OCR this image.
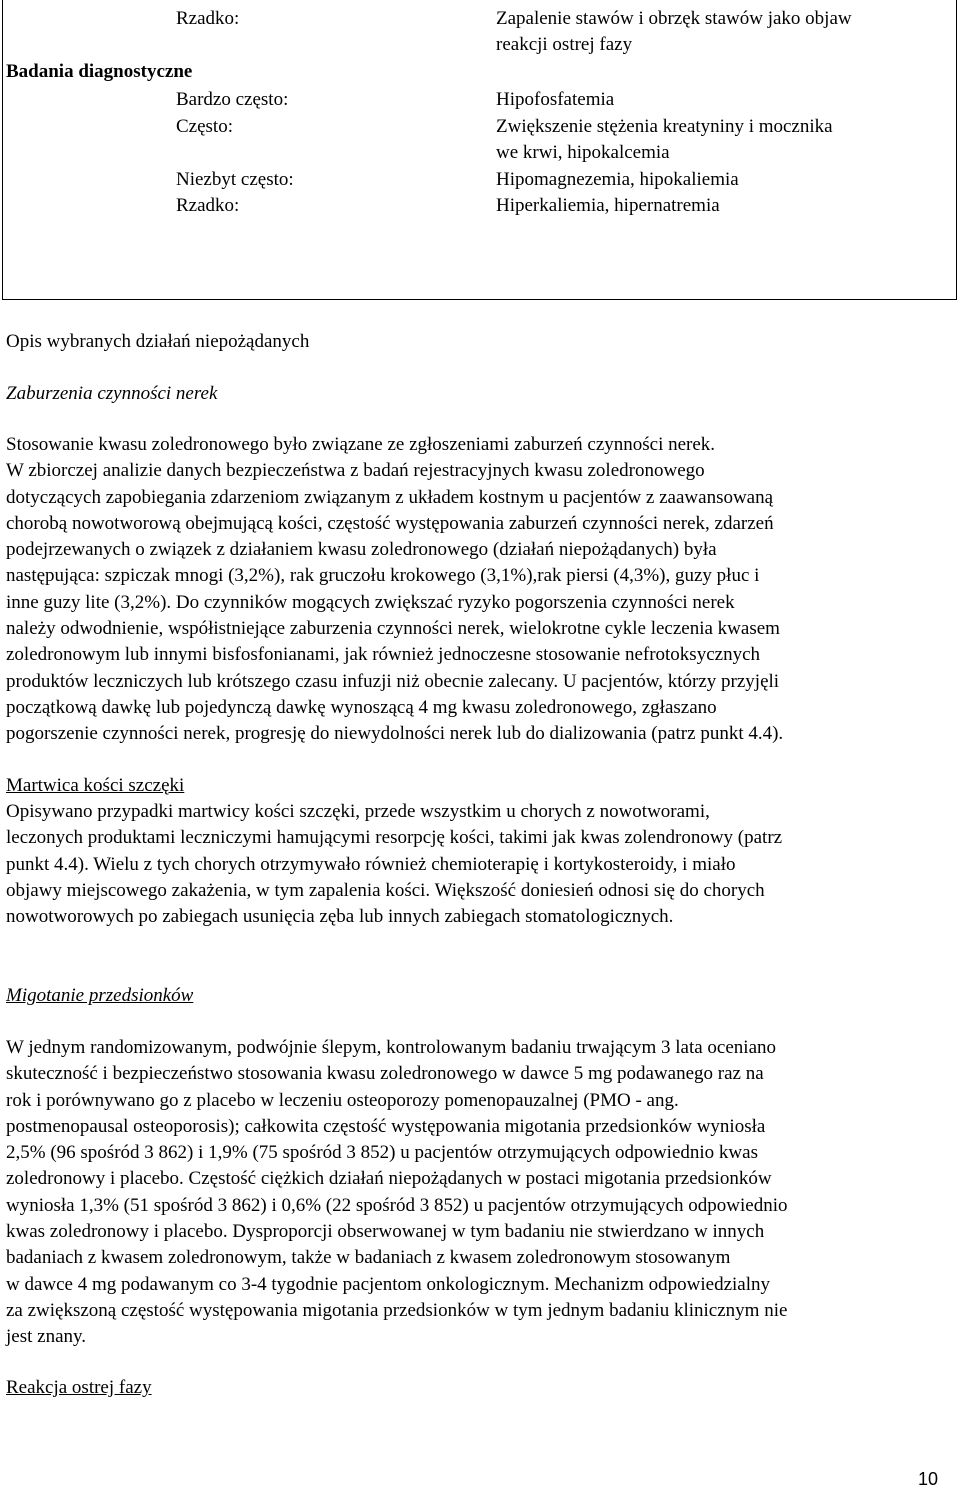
Rzadko:	Zapalenie stawów i obrzęk stawów jako objaw
reakcji ostrej fazy
Badania diagnostyczne
Bardzo często:
Często:
Niezbyt często:
Rzadko:
Hipofosfatemia
Zwiększenie stężenia kreatyniny i mocznika
we krwi, hipokalcemia
Hipomagnezemia, hipokaliemia
Hiperkaliemia, hipernatremia
Opis wybranych działań niepożądanych
Zaburzenia czynności nerek

Stosowanie kwasu zoledronowego było związane ze zgłoszeniami zaburzeń czynności nerek.

W zbiorczej analizie danych bezpieczeństwa z badań rejestracyjnych kwasu zoledronowego

dotyczących zapobiegania zdarzeniom związanym z układem kostnym u pacjentów z zaawansowaną

chorobą nowotworową obejmującą kości, częstość występowania zaburzeń czynności nerek, zdarzeń

podejrzewanych o związek z działaniem kwasu zoledronowego (działań niepożądanych) była

następująca: szpiczak mnogi (3,2%), rak gruczołu krokowego (3,1%),rak piersi (4,3%), guzy płuc i

inne guzy lite (3,2%). Do czynników mogących zwiększać ryzyko pogorszenia czynności nerek

należy odwodnienie, współistniejące zaburzenia czynności nerek, wielokrotne cykle leczenia kwasem

zoledronowym lub innymi bisfosfonianami, jak również jednoczesne stosowanie nefrotoksycznych

produktów leczniczych lub krótszego czasu infuzji niż obecnie zalecany. U pacjentów, którzy przyjęli

początkową dawkę lub pojedynczą dawkę wynoszącą 4 mg kwasu zoledronowego, zgłaszano

pogorszenie czynności nerek, progresję do niewydolności nerek lub do dializowania (patrz punkt 4.4).

Martwica kości szczęki

Opisywano przypadki martwicy kości szczęki, przede wszystkim u chorych z nowotworami,

leczonych produktami leczniczymi hamującymi resorpcję kości, takimi jak kwas zolendronowy (patrz

punkt 4.4). Wielu z tych chorych otrzymywało również chemioterapię i kortykosteroidy, i miało

objawy miejscowego zakażenia, w tym zapalenia kości. Większość doniesień odnosi się do chorych

nowotworowych po zabiegach usunięcia zęba lub innych zabiegach stomatologicznych.

Migotanie przedsionków

W jednym randomizowanym, podwójnie ślepym, kontrolowanym badaniu trwającym 3 lata oceniano

skuteczność i bezpieczeństwo stosowania kwasu zoledronowego w dawce 5 mg podawanego raz na

rok i porównywano go z placebo w leczeniu osteoporozy pomenopauzalnej (PMO - ang.

postmenopausal osteoporosis); całkowita częstość występowania migotania przedsionków wyniosła

2,5% (96 spośród 3 862) i 1,9% (75 spośród 3 852) u pacjentów otrzymujących odpowiednio kwas

zoledronowy i placebo. Częstość ciężkich działań niepożądanych w postaci migotania przedsionków

wyniosła 1,3% (51 spośród 3 862) i 0,6% (22 spośród 3 852) u pacjentów otrzymujących odpowiednio

kwas zoledronowy i placebo. Dysproporcji obserwowanej w tym badaniu nie stwierdzano w innych

badaniach z kwasem zoledronowym, także w badaniach z kwasem zoledronowym stosowanym

w dawce 4 mg podawanym co 3-4 tygodnie pacjentom onkologicznym. Mechanizm odpowiedzialny

za zwiększoną częstość występowania migotania przedsionków w tym jednym badaniu klinicznym nie

jest znany.

Reakcja ostrej fazy
10
